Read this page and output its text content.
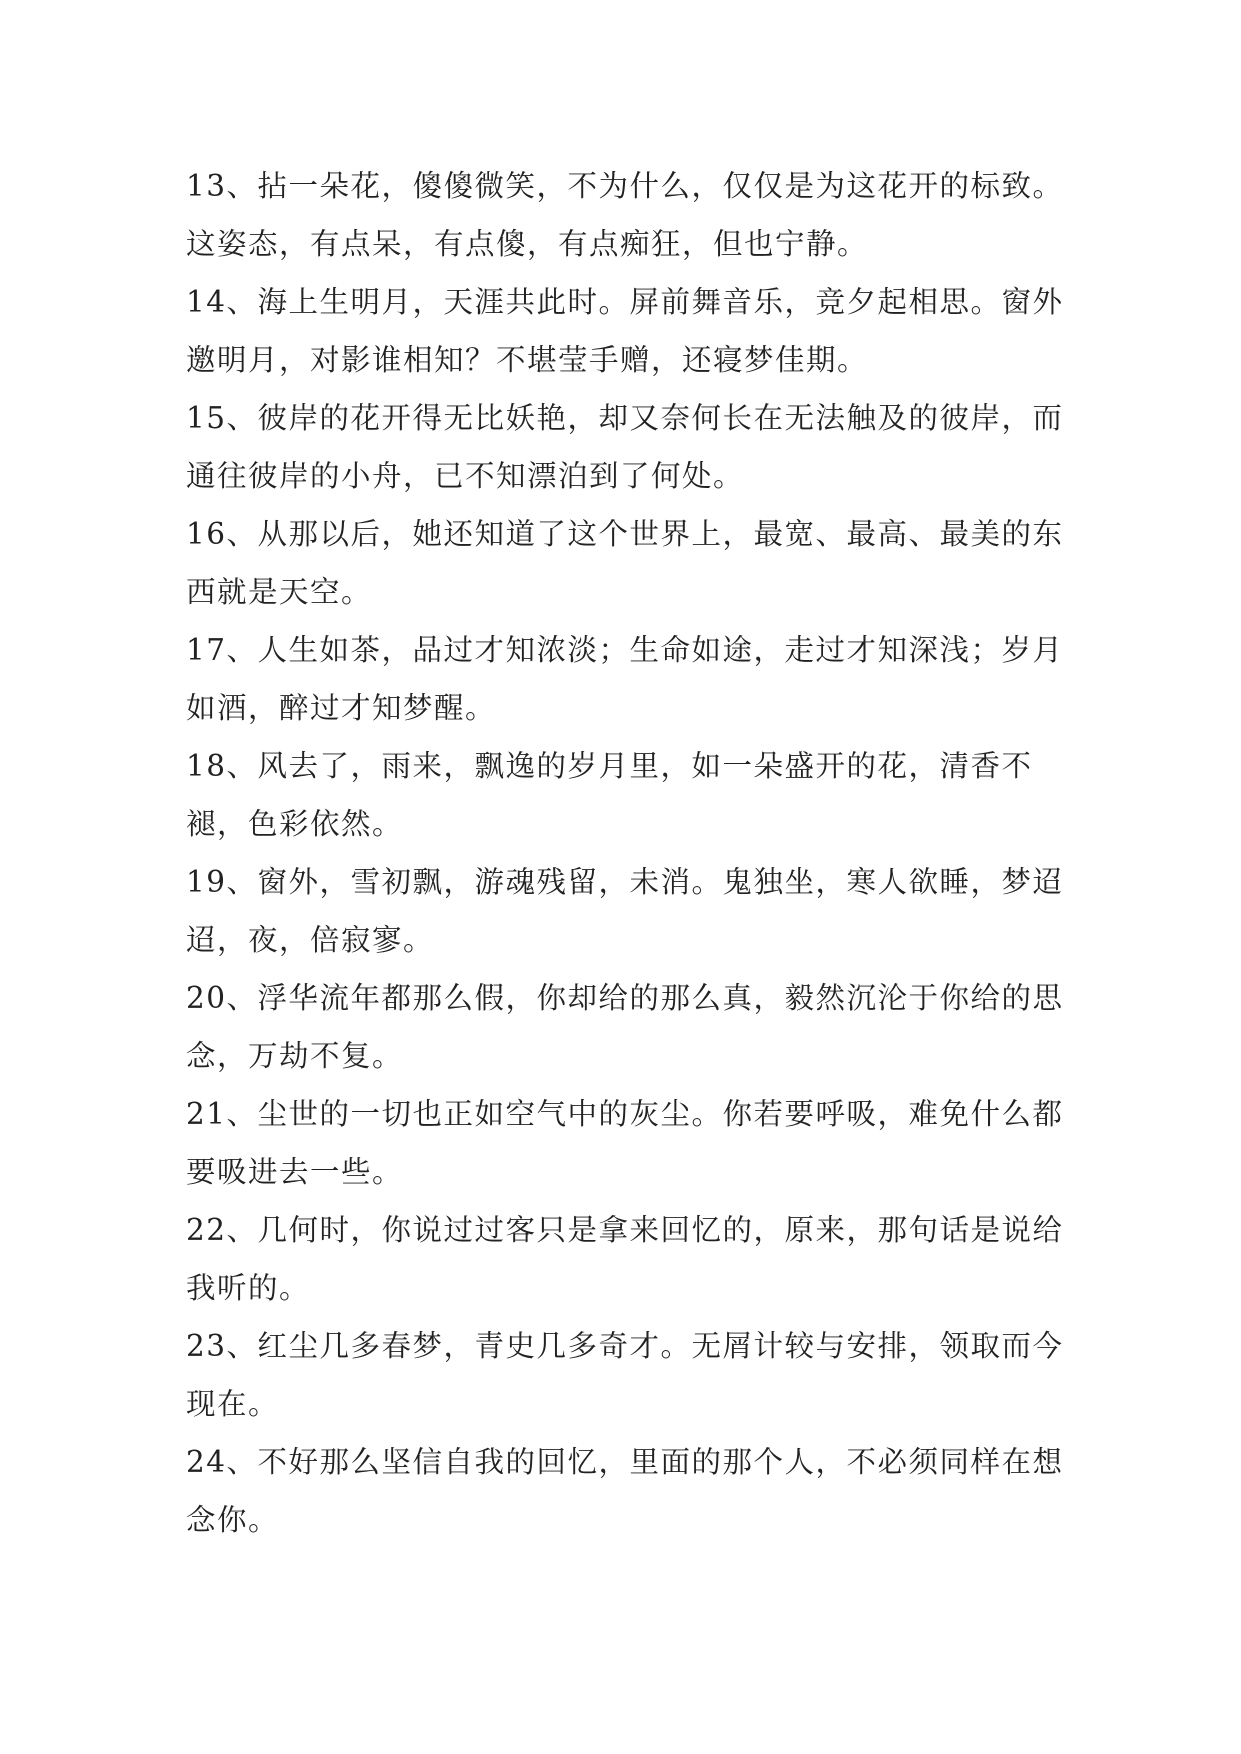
13、拈一朵花，傻傻微笑，不为什么，仅仅是为这花开的标致。这姿态，有点呆，有点傻，有点痴狂，但也宁静。

14、海上生明月，天涯共此时。屏前舞音乐，竞夕起相思。窗外邀明月，对影谁相知？不堪莹手赠，还寝梦佳期。

15、彼岸的花开得无比妖艳，却又奈何长在无法触及的彼岸，而通往彼岸的小舟，已不知漂泊到了何处。

16、从那以后，她还知道了这个世界上，最宽、最高、最美的东西就是天空。

17、人生如茶，品过才知浓淡；生命如途，走过才知深浅；岁月如酒，醉过才知梦醒。

18、风去了，雨来，飘逸的岁月里，如一朵盛开的花，清香不褪，色彩依然。

19、窗外，雪初飘，游魂残留，未消。鬼独坐，寒人欲睡，梦迢迢，夜，倍寂寥。

20、浮华流年都那么假，你却给的那么真，毅然沉沦于你给的思念，万劫不复。

21、尘世的一切也正如空气中的灰尘。你若要呼吸，难免什么都要吸进去一些。

22、几何时，你说过过客只是拿来回忆的，原来，那句话是说给我听的。

23、红尘几多春梦，青史几多奇才。无屑计较与安排，领取而今现在。

24、不好那么坚信自我的回忆，里面的那个人，不必须同样在想念你。
